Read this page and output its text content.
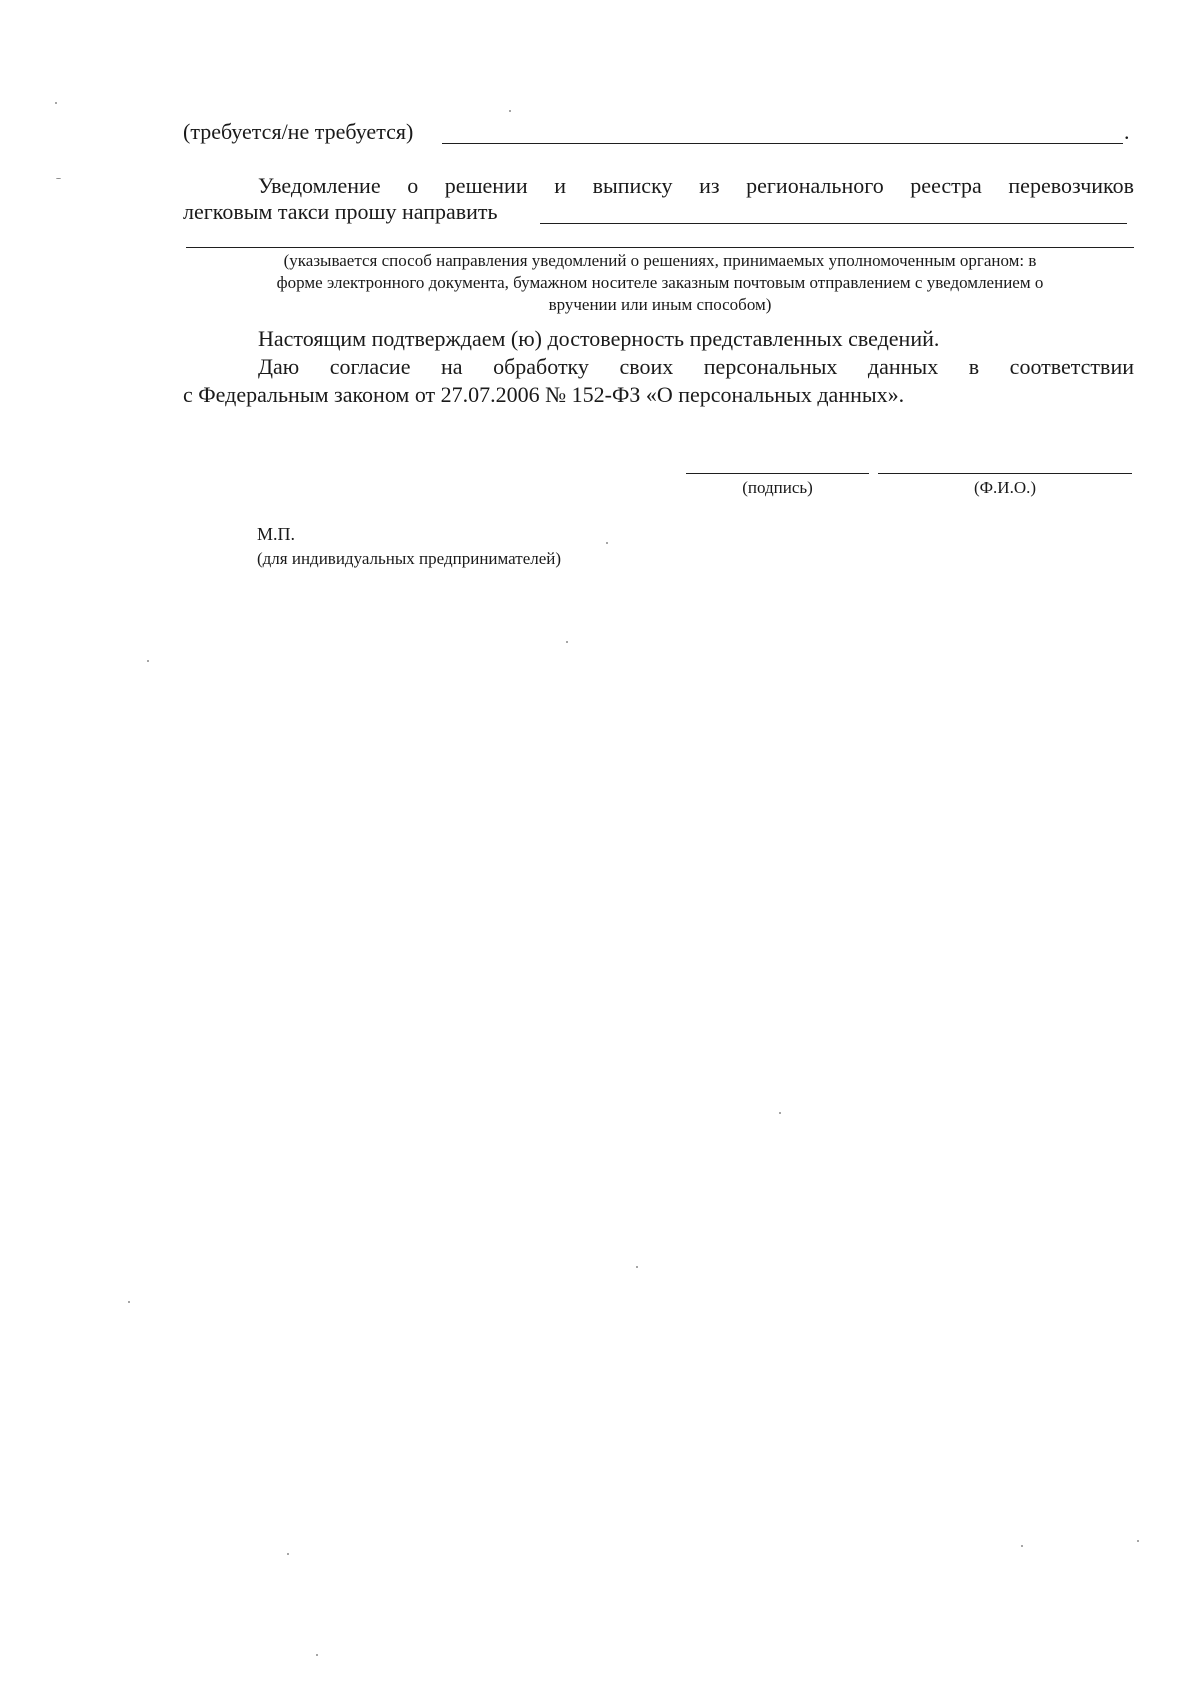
(требуется/не требуется)	.
Уведомление о решении и выписку из регионального реестра перевозчиков
легковым такси прошу направить
(указывается способ направления уведомлений о решениях, принимаемых уполномоченным органом: в
форме электронного документа, бумажном носителе заказным почтовым отправлением с уведомлением о
вручении или иным способом)
Настоящим подтверждаем (ю) достоверность представленных сведений.
Даю согласие на обработку своих персональных данных в соответствии
с Федеральным законом от 27.07.2006 № 152-ФЗ «О персональных данных».
(подпись)	(Ф.И.О.)
М.П.
(для индивидуальных предпринимателей)
